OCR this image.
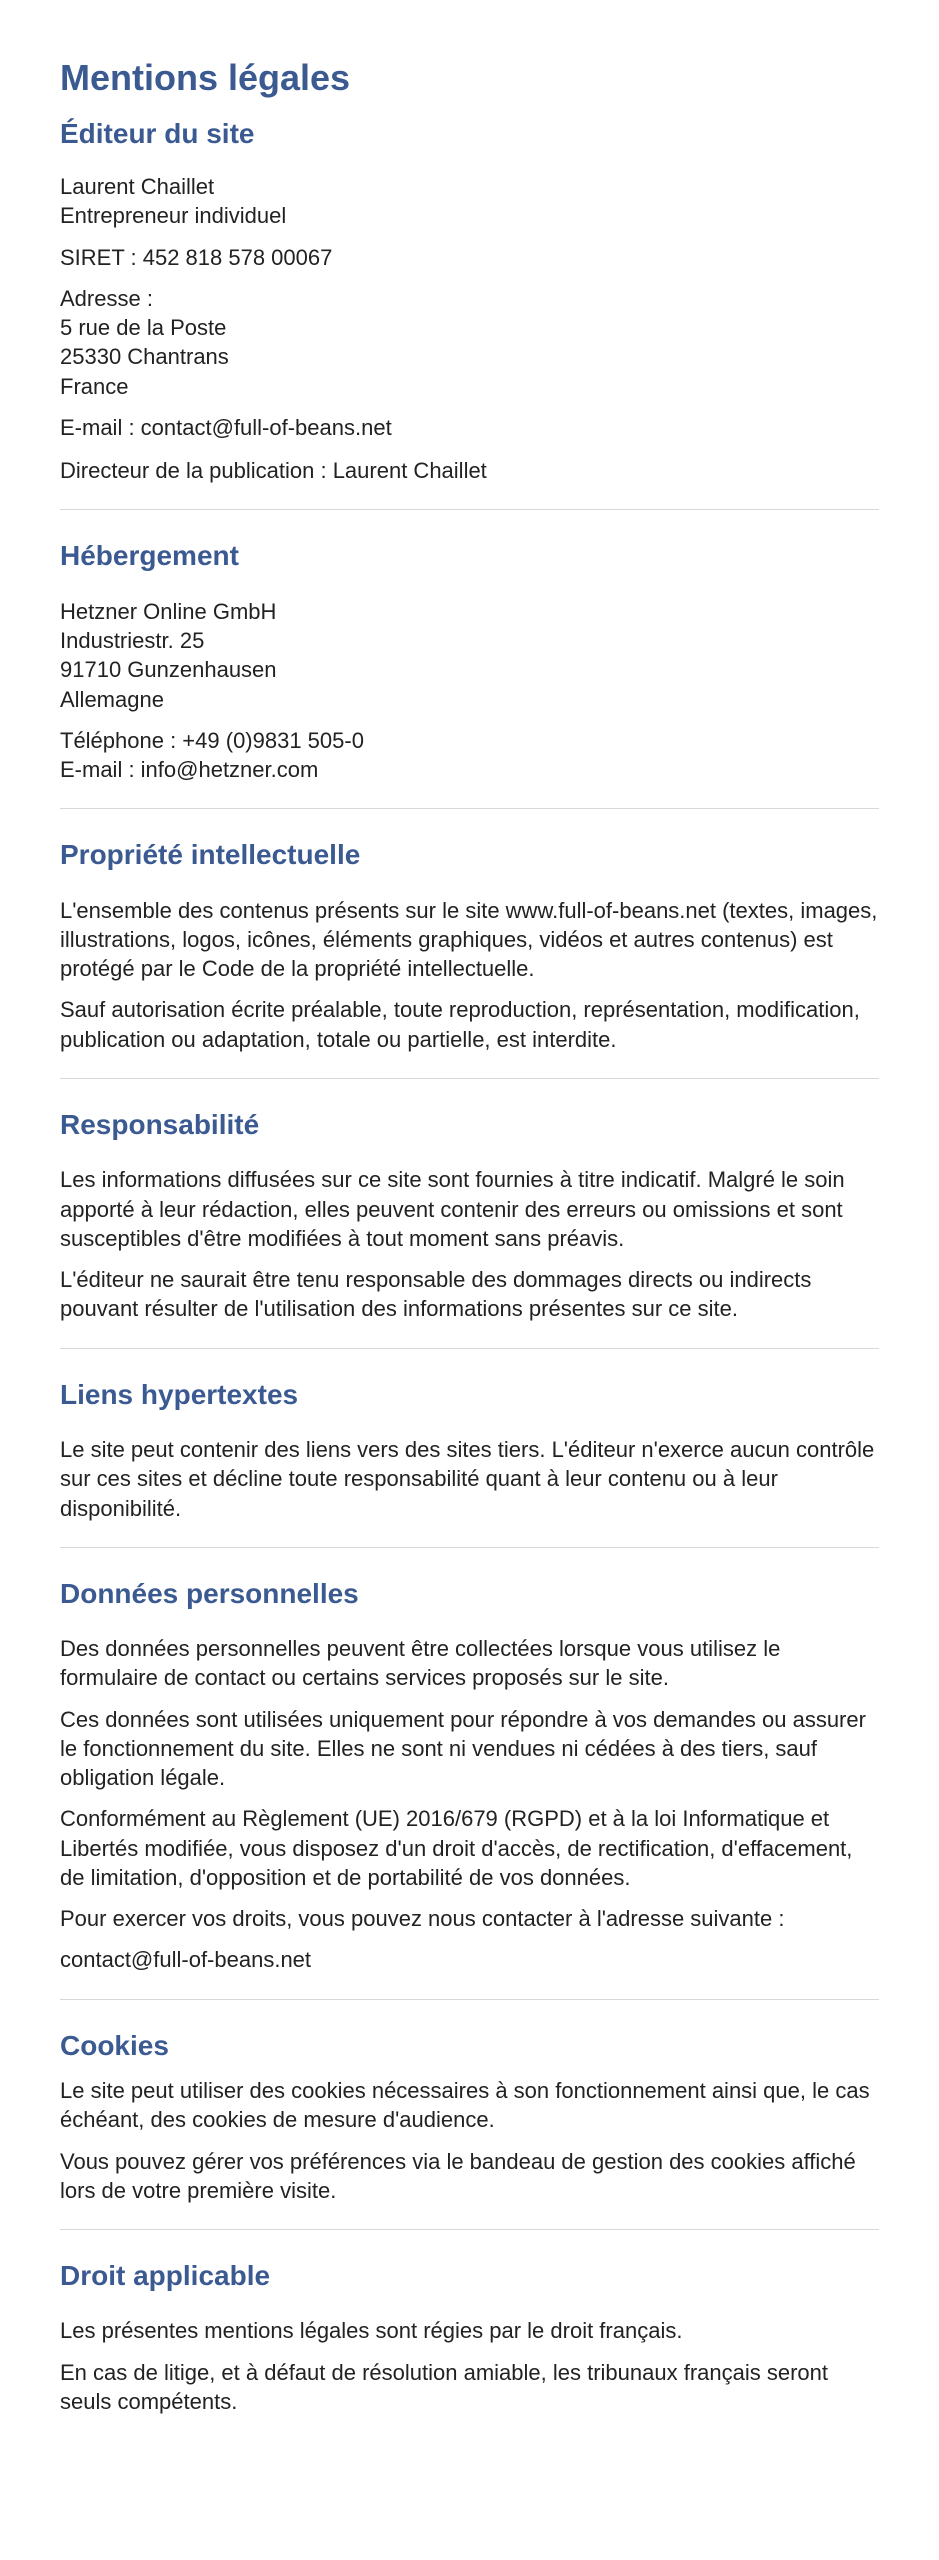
Mentions légales
Éditeur du site

Laurent Chaillet
Entrepreneur individuel

SIRET : 452 818 578 00067

Adresse :
5 rue de la Poste
25330 Chantrans
France

E-mail : contact@full-of-beans.net

Directeur de la publication : Laurent Chaillet

Hébergement

Hetzner Online GmbH
Industriestr. 25
91710 Gunzenhausen
Allemagne

Téléphone : +49 (0)9831 505-0
E-mail : info@hetzner.com

Propriété intellectuelle

L'ensemble des contenus présents sur le site www.full-of-beans.net (textes, images, illustrations, logos, icônes, éléments graphiques, vidéos et autres contenus) est protégé par le Code de la propriété intellectuelle.

Sauf autorisation écrite préalable, toute reproduction, représentation, modification, publication ou adaptation, totale ou partielle, est interdite.

Responsabilité

Les informations diffusées sur ce site sont fournies à titre indicatif. Malgré le soin apporté à leur rédaction, elles peuvent contenir des erreurs ou omissions et sont susceptibles d'être modifiées à tout moment sans préavis.

L'éditeur ne saurait être tenu responsable des dommages directs ou indirects pouvant résulter de l'utilisation des informations présentes sur ce site.

Liens hypertextes

Le site peut contenir des liens vers des sites tiers. L'éditeur n'exerce aucun contrôle sur ces sites et décline toute responsabilité quant à leur contenu ou à leur disponibilité.

Données personnelles

Des données personnelles peuvent être collectées lorsque vous utilisez le formulaire de contact ou certains services proposés sur le site.

Ces données sont utilisées uniquement pour répondre à vos demandes ou assurer le fonctionnement du site. Elles ne sont ni vendues ni cédées à des tiers, sauf obligation légale.

Conformément au Règlement (UE) 2016/679 (RGPD) et à la loi Informatique et Libertés modifiée, vous disposez d'un droit d'accès, de rectification, d'effacement, de limitation, d'opposition et de portabilité de vos données.

Pour exercer vos droits, vous pouvez nous contacter à l'adresse suivante :

contact@full-of-beans.net

Cookies

Le site peut utiliser des cookies nécessaires à son fonctionnement ainsi que, le cas échéant, des cookies de mesure d'audience.

Vous pouvez gérer vos préférences via le bandeau de gestion des cookies affiché lors de votre première visite.

Droit applicable

Les présentes mentions légales sont régies par le droit français.

En cas de litige, et à défaut de résolution amiable, les tribunaux français seront seuls compétents.
